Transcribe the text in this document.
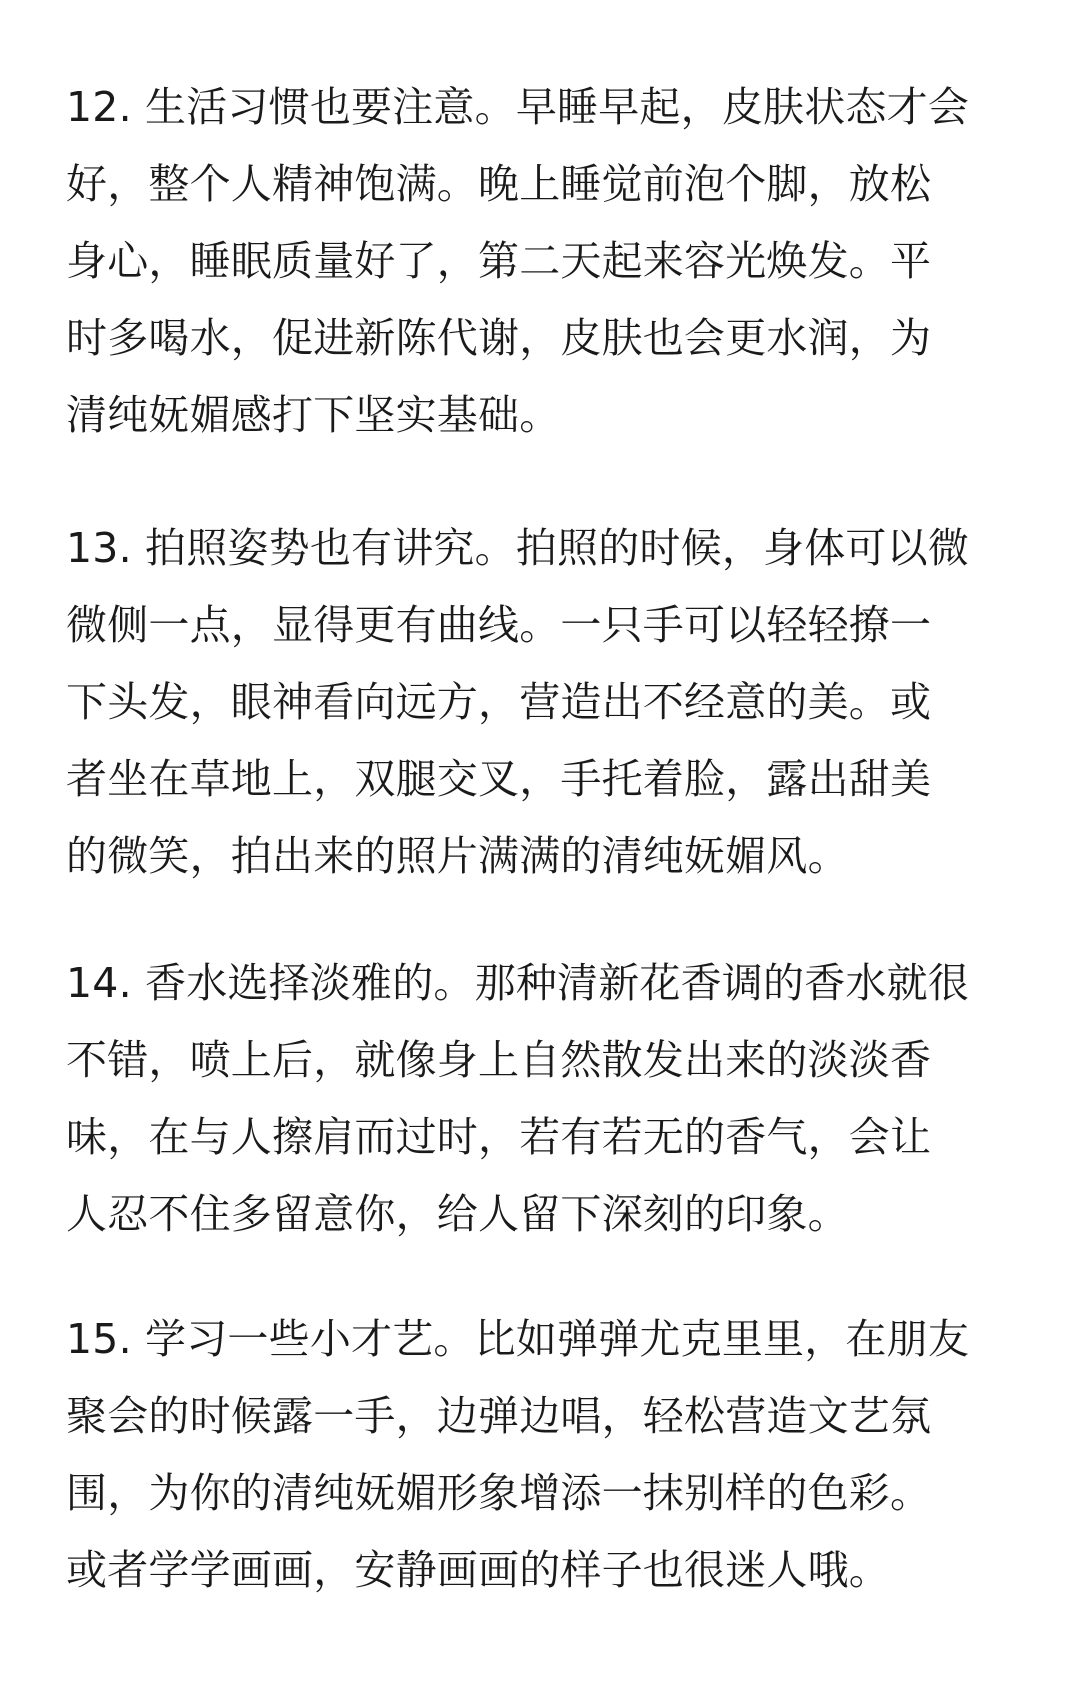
12. 生活习惯也要注意。早睡早起，皮肤状态才会
好，整个人精神饱满。晚上睡觉前泡个脚，放松
身心，睡眠质量好了，第二天起来容光焕发。平
时多喝水，促进新陈代谢，皮肤也会更水润，为
清纯妩媚感打下坚实基础。

13. 拍照姿势也有讲究。拍照的时候，身体可以微
微侧一点，显得更有曲线。一只手可以轻轻撩一
下头发，眼神看向远方，营造出不经意的美。或
者坐在草地上，双腿交叉，手托着脸，露出甜美
的微笑，拍出来的照片满满的清纯妩媚风。

14. 香水选择淡雅的。那种清新花香调的香水就很
不错，喷上后，就像身上自然散发出来的淡淡香
味，在与人擦肩而过时，若有若无的香气，会让
人忍不住多留意你，给人留下深刻的印象。

15. 学习一些小才艺。比如弹弹尤克里里，在朋友
聚会的时候露一手，边弹边唱，轻松营造文艺氛
围，为你的清纯妩媚形象增添一抹别样的色彩。
或者学学画画，安静画画的样子也很迷人哦。
